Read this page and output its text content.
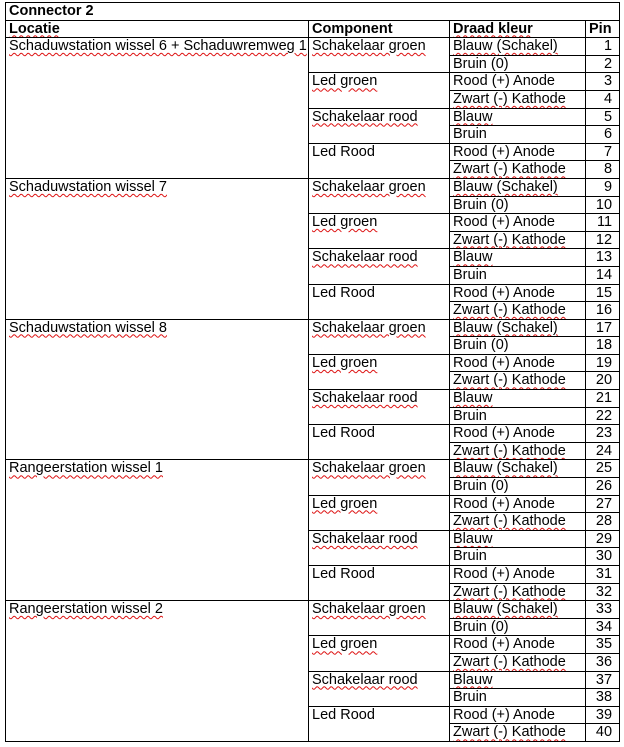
Connector 2			
Locatie	Component	Draad kleur	Pin
Schaduwstation wissel 6 + Schaduwremweg 1	Schakelaar groen	Blauw (Schakel)	1
		Bruin (0)	2
	Led groen	Rood (+) Anode	3
		Zwart (-) Kathode	4
	Schakelaar rood	Blauw	5
		Bruin	6
	Led Rood	Rood (+) Anode	7
		Zwart (-) Kathode	8
Schaduwstation wissel 7	Schakelaar groen	Blauw (Schakel)	9
		Bruin (0)	10
	Led groen	Rood (+) Anode	11
		Zwart (-) Kathode	12
	Schakelaar rood	Blauw	13
		Bruin	14
	Led Rood	Rood (+) Anode	15
		Zwart (-) Kathode	16
Schaduwstation wissel 8	Schakelaar groen	Blauw (Schakel)	17
		Bruin (0)	18
	Led groen	Rood (+) Anode	19
		Zwart (-) Kathode	20
	Schakelaar rood	Blauw	21
		Bruin	22
	Led Rood	Rood (+) Anode	23
		Zwart (-) Kathode	24
Rangeerstation wissel 1	Schakelaar groen	Blauw (Schakel)	25
		Bruin (0)	26
	Led groen	Rood (+) Anode	27
		Zwart (-) Kathode	28
	Schakelaar rood	Blauw	29
		Bruin	30
	Led Rood	Rood (+) Anode	31
		Zwart (-) Kathode	32
Rangeerstation wissel 2	Schakelaar groen	Blauw (Schakel)	33
		Bruin (0)	34
	Led groen	Rood (+) Anode	35
		Zwart (-) Kathode	36
	Schakelaar rood	Blauw	37
		Bruin	38
	Led Rood	Rood (+) Anode	39
		Zwart (-) Kathode	40
